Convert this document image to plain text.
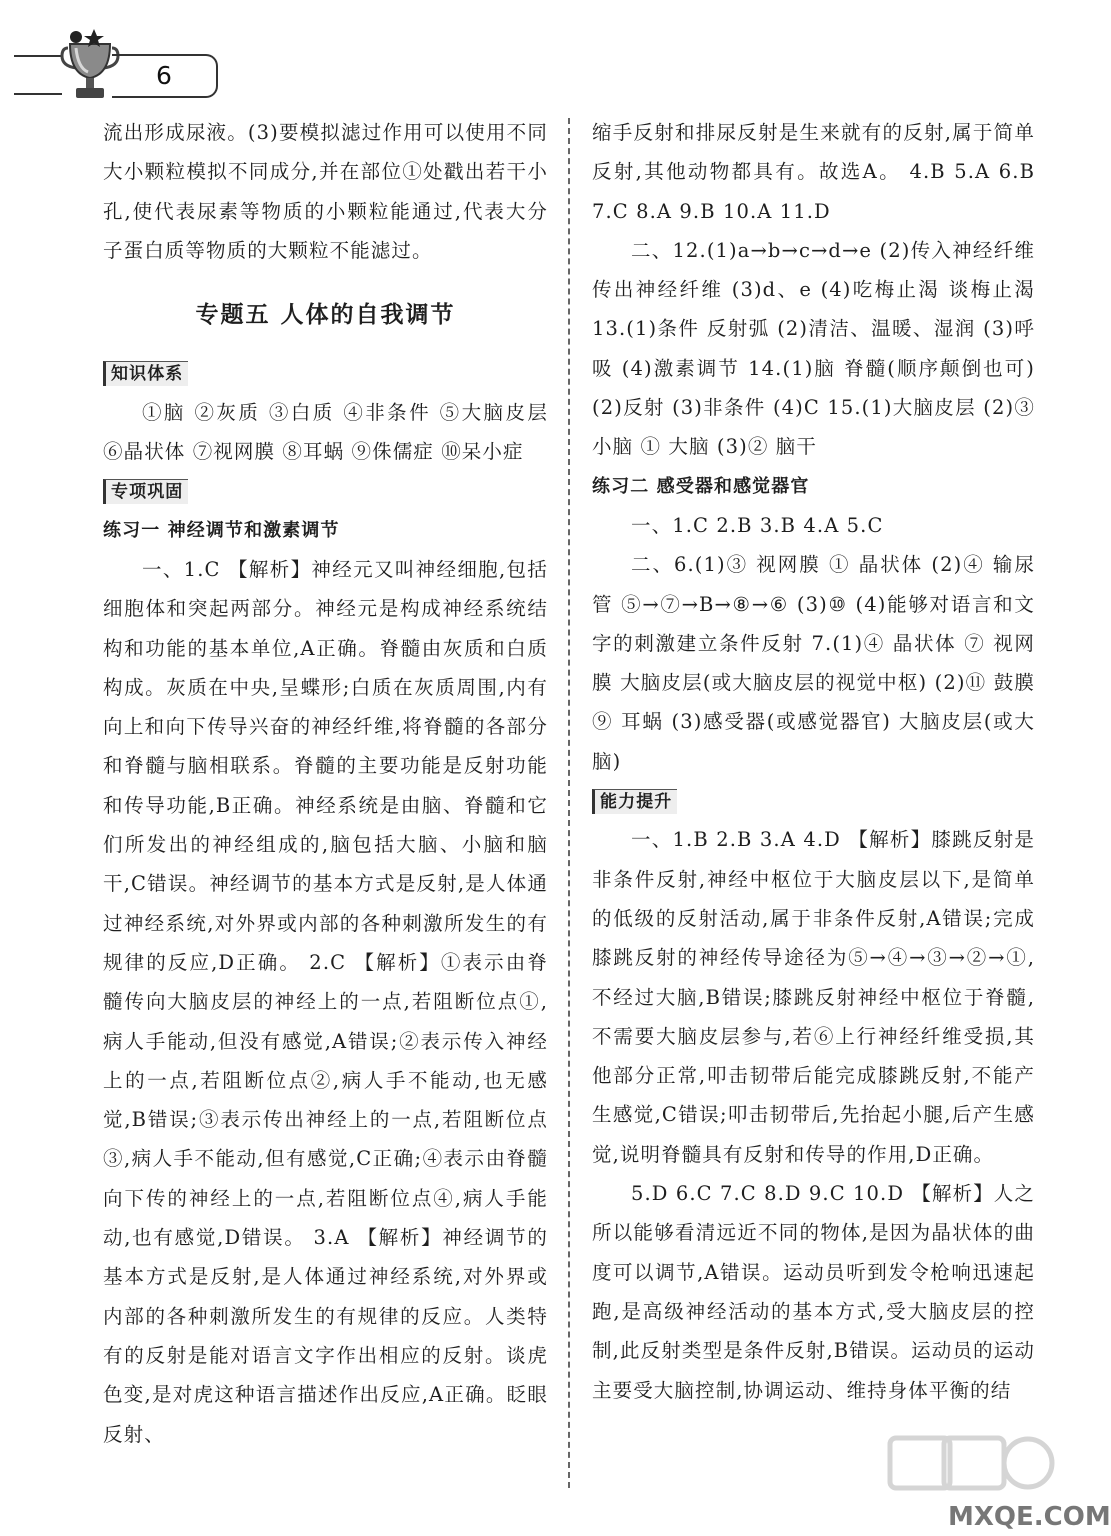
6

流出形成尿液。(3)要模拟滤过作用可以使用不同大小颗粒模拟不同成分,并在部位①处戳出若干小孔,使代表尿素等物质的小颗粒能通过,代表大分子蛋白质等物质的大颗粒不能滤过。

专题五 人体的自我调节
知识体系

①脑 ②灰质 ③白质 ④非条件 ⑤大脑皮层 ⑥晶状体 ⑦视网膜 ⑧耳蜗 ⑨侏儒症 ⑩呆小症

专项巩固

练习一 神经调节和激素调节

一、1.C 【解析】神经元又叫神经细胞,包括细胞体和突起两部分。神经元是构成神经系统结构和功能的基本单位,A正确。脊髓由灰质和白质构成。灰质在中央,呈蝶形;白质在灰质周围,内有向上和向下传导兴奋的神经纤维,将脊髓的各部分和脊髓与脑相联系。脊髓的主要功能是反射功能和传导功能,B正确。神经系统是由脑、脊髓和它们所发出的神经组成的,脑包括大脑、小脑和脑干,C错误。神经调节的基本方式是反射,是人体通过神经系统,对外界或内部的各种刺激所发生的有规律的反应,D正确。 2.C 【解析】①表示由脊髓传向大脑皮层的神经上的一点,若阻断位点①,病人手能动,但没有感觉,A错误;②表示传入神经上的一点,若阻断位点②,病人手不能动,也无感觉,B错误;③表示传出神经上的一点,若阻断位点③,病人手不能动,但有感觉,C正确;④表示由脊髓向下传的神经上的一点,若阻断位点④,病人手能动,也有感觉,D错误。 3.A 【解析】神经调节的基本方式是反射,是人体通过神经系统,对外界或内部的各种刺激所发生的有规律的反应。人类特有的反射是能对语言文字作出相应的反射。谈虎色变,是对虎这种语言描述作出反应,A正确。眨眼反射、

缩手反射和排尿反射是生来就有的反射,属于简单反射,其他动物都具有。故选A。 4.B 5.A 6.B 7.C 8.A 9.B 10.A 11.D

二、12.(1)a→b→c→d→e (2)传入神经纤维 传出神经纤维 (3)d、e (4)吃梅止渴 谈梅止渴 13.(1)条件 反射弧 (2)清洁、温暖、湿润 (3)呼吸 (4)激素调节 14.(1)脑 脊髓(顺序颠倒也可) (2)反射 (3)非条件 (4)C 15.(1)大脑皮层 (2)③ 小脑 ① 大脑 (3)② 脑干

练习二 感受器和感觉器官

一、1.C 2.B 3.B 4.A 5.C

二、6.(1)③ 视网膜 ① 晶状体 (2)④ 输尿管 ⑤→⑦→B→⑧→⑥ (3)⑩ (4)能够对语言和文字的刺激建立条件反射 7.(1)④ 晶状体 ⑦ 视网膜 大脑皮层(或大脑皮层的视觉中枢) (2)⑪ 鼓膜 ⑨ 耳蜗 (3)感受器(或感觉器官) 大脑皮层(或大脑)

能力提升

一、1.B 2.B 3.A 4.D 【解析】膝跳反射是非条件反射,神经中枢位于大脑皮层以下,是简单的低级的反射活动,属于非条件反射,A错误;完成膝跳反射的神经传导途径为⑤→④→③→②→①,不经过大脑,B错误;膝跳反射神经中枢位于脊髓,不需要大脑皮层参与,若⑥上行神经纤维受损,其他部分正常,叩击韧带后能完成膝跳反射,不能产生感觉,C错误;叩击韧带后,先抬起小腿,后产生感觉,说明脊髓具有反射和传导的作用,D正确。

5.D 6.C 7.C 8.D 9.C 10.D 【解析】人之所以能够看清远近不同的物体,是因为晶状体的曲度可以调节,A错误。运动员听到发令枪响迅速起跑,是高级神经活动的基本方式,受大脑皮层的控制,此反射类型是条件反射,B错误。运动员的运动主要受大脑控制,协调运动、维持身体平衡的结

MXQE.COM
